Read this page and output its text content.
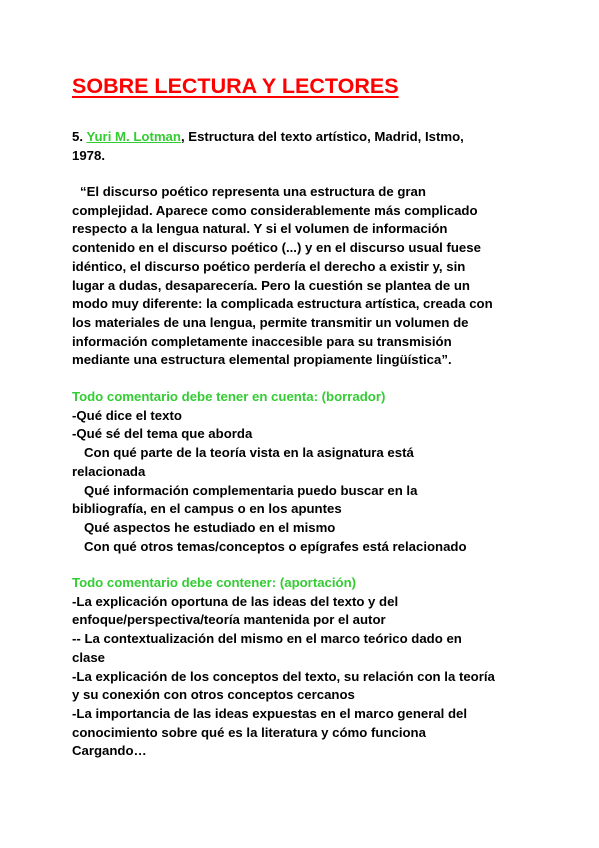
SOBRE LECTURA Y LECTORES
5. Yuri M. Lotman, Estructura del texto artístico, Madrid, Istmo,
1978.
“El discurso poético representa una estructura de gran
complejidad. Aparece como considerablemente más complicado
respecto a la lengua natural. Y si el volumen de información
contenido en el discurso poético (...) y en el discurso usual fuese
idéntico, el discurso poético perdería el derecho a existir y, sin
lugar a dudas, desaparecería. Pero la cuestión se plantea de un
modo muy diferente: la complicada estructura artística, creada con
los materiales de una lengua, permite transmitir un volumen de
información completamente inaccesible para su transmisión
mediante una estructura elemental propiamente lingüística”.
Todo comentario debe tener en cuenta: (borrador)
-Qué dice el texto
-Qué sé del tema que aborda
Con qué parte de la teoría vista en la asignatura está
relacionada
Qué información complementaria puedo buscar en la
bibliografía, en el campus o en los apuntes
Qué aspectos he estudiado en el mismo
Con qué otros temas/conceptos o epígrafes está relacionado
Todo comentario debe contener: (aportación)
-La explicación oportuna de las ideas del texto y del
enfoque/perspectiva/teoría mantenida por el autor
-- La contextualización del mismo en el marco teórico dado en
clase
-La explicación de los conceptos del texto, su relación con la teoría
y su conexión con otros conceptos cercanos
-La importancia de las ideas expuestas en el marco general del
conocimiento sobre qué es la literatura y cómo funciona
Cargando…
